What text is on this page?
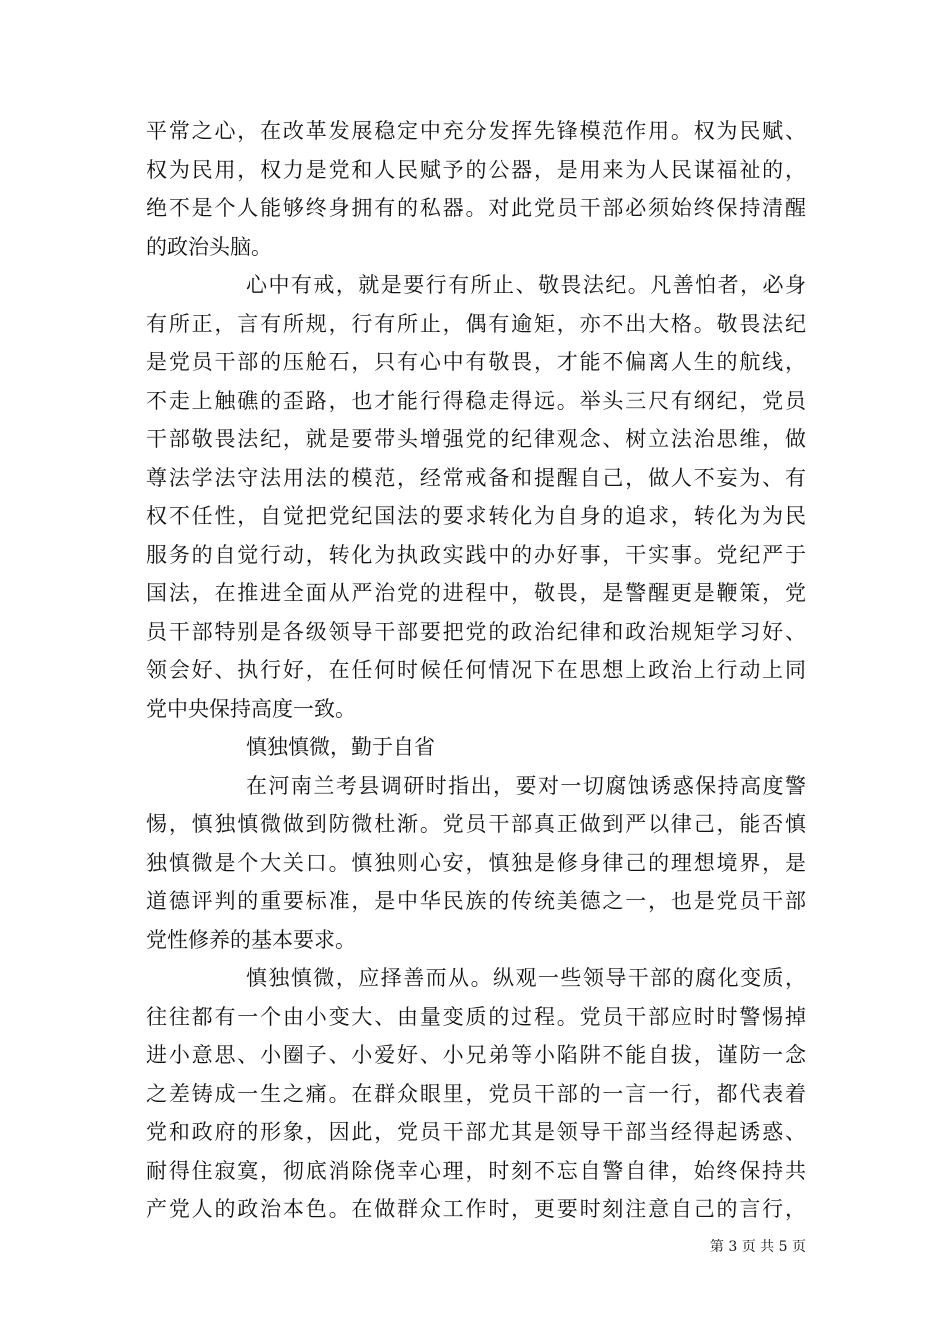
平常之心，在改革发展稳定中充分发挥先锋模范作用。权为民赋、
权为民用，权力是党和人民赋予的公器，是用来为人民谋福祉的，
绝不是个人能够终身拥有的私器。对此党员干部必须始终保持清醒
的政治头脑。
心中有戒，就是要行有所止、敬畏法纪。凡善怕者，必身
有所正，言有所规，行有所止，偶有逾矩，亦不出大格。敬畏法纪
是党员干部的压舱石，只有心中有敬畏，才能不偏离人生的航线，
不走上触礁的歪路，也才能行得稳走得远。举头三尺有纲纪，党员
干部敬畏法纪，就是要带头增强党的纪律观念、树立法治思维，做
尊法学法守法用法的模范，经常戒备和提醒自己，做人不妄为、有
权不任性，自觉把党纪国法的要求转化为自身的追求，转化为为民
服务的自觉行动，转化为执政实践中的办好事，干实事。党纪严于
国法，在推进全面从严治党的进程中，敬畏，是警醒更是鞭策，党
员干部特别是各级领导干部要把党的政治纪律和政治规矩学习好、
领会好、执行好，在任何时候任何情况下在思想上政治上行动上同
党中央保持高度一致。
慎独慎微，勤于自省
在河南兰考县调研时指出，要对一切腐蚀诱惑保持高度警
惕，慎独慎微做到防微杜渐。党员干部真正做到严以律己，能否慎
独慎微是个大关口。慎独则心安，慎独是修身律己的理想境界，是
道德评判的重要标准，是中华民族的传统美德之一，也是党员干部
党性修养的基本要求。
慎独慎微，应择善而从。纵观一些领导干部的腐化变质，
往往都有一个由小变大、由量变质的过程。党员干部应时时警惕掉
进小意思、小圈子、小爱好、小兄弟等小陷阱不能自拔，谨防一念
之差铸成一生之痛。在群众眼里，党员干部的一言一行，都代表着
党和政府的形象，因此，党员干部尤其是领导干部当经得起诱惑、
耐得住寂寞，彻底消除侥幸心理，时刻不忘自警自律，始终保持共
产党人的政治本色。在做群众工作时，更要时刻注意自己的言行，
第 3 页 共 5 页
